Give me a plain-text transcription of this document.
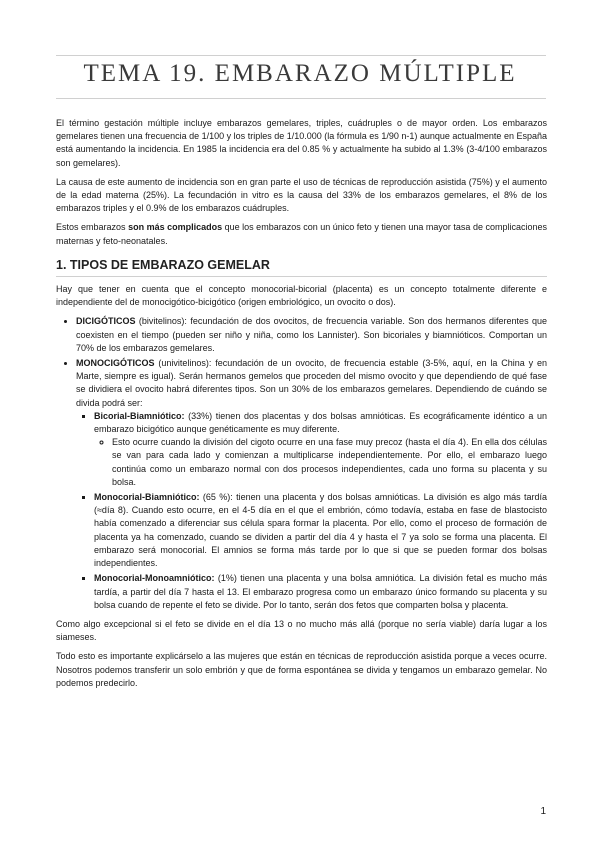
TEMA 19. EMBARAZO MÚLTIPLE

El término gestación múltiple incluye embarazos gemelares, triples, cuádruples o de mayor orden. Los embarazos gemelares tienen una frecuencia de 1/100 y los triples de 1/10.000 (la fórmula es 1/90 n-1) aunque actualmente en España está aumentando la incidencia. En 1985 la incidencia era del 0.85 % y actualmente ha subido al 1.3% (3-4/100 embarazos son gemelares).

La causa de este aumento de incidencia son en gran parte el uso de técnicas de reproducción asistida (75%) y el aumento de la edad materna (25%). La fecundación in vitro es la causa del 33% de los embarazos gemelares, el 8% de los embarazos triples y el 0.9% de los embarazos cuádruples.

Estos embarazos son más complicados que los embarazos con un único feto y tienen una mayor tasa de complicaciones maternas y feto-neonatales.

1. TIPOS DE EMBARAZO GEMELAR

Hay que tener en cuenta que el concepto monocorial-bicorial (placenta) es un concepto totalmente diferente e independiente del de monocigótico-bicigótico (origen embriológico, un ovocito o dos).

• DICIGÓTICOS (bivitelinos): fecundación de dos ovocitos, de frecuencia variable. Son dos hermanos diferentes que coexisten en el tiempo (pueden ser niño y niña, como los Lannister). Son bicoriales y biamnióticos. Comportan un 70% de los embarazos gemelares.
• MONOCIGÓTICOS (univitelinos): fecundación de un ovocito, de frecuencia estable (3-5%, aquí, en la China y en Marte, siempre es igual). Serán hermanos gemelos que proceden del mismo ovocito y que dependiendo de qué fase se dividiera el ovocito habrá diferentes tipos. Son un 30% de los embarazos gemelares. Dependiendo de cuándo se divida podrá ser:
▪ Bicorial-Biamniótico: (33%) tienen dos placentas y dos bolsas amnióticas. Es ecográficamente idéntico a un embarazo bicigótico aunque genéticamente es muy diferente.
◦ Esto ocurre cuando la división del cigoto ocurre en una fase muy precoz (hasta el día 4). En ella dos células se van para cada lado y comienzan a multiplicarse independientemente. Por ello, el embarazo luego continúa como un embarazo normal con dos procesos independientes, cada uno forma su placenta y su bolsa.
▪ Monocorial-Biamniótico: (65 %): tienen una placenta y dos bolsas amnióticas. La división es algo más tardía (≈día 8). Cuando esto ocurre, en el 4-5 día en el que el embrión, cómo todavía, estaba en fase de blastocisto había comenzado a diferenciar sus célula spara formar la placenta. Por ello, como el proceso de formación de placenta ya ha comenzado, cuando se dividen a partir del día 4 y hasta el 7 ya solo se forma una placenta. El embarazo será monocorial. El amnios se forma más tarde por lo que si que se pueden formar dos bolsas independientes.
▪ Monocorial-Monoamniótico: (1%) tienen una placenta y una bolsa amniótica. La división fetal es mucho más tardía, a partir del día 7 hasta el 13. El embarazo progresa como un embarazo único formando su placenta y su bolsa cuando de repente el feto se divide. Por lo tanto, serán dos fetos que comparten bolsa y placenta.

Como algo excepcional si el feto se divide en el día 13 o no mucho más allá (porque no sería viable) daría lugar a los siameses.

Todo esto es importante explicárselo a las mujeres que están en técnicas de reproducción asistida porque a veces ocurre. Nosotros podemos transferir un solo embrión y que de forma espontánea se divida y tengamos un embarazo gemelar. No podemos predecirlo.

1
